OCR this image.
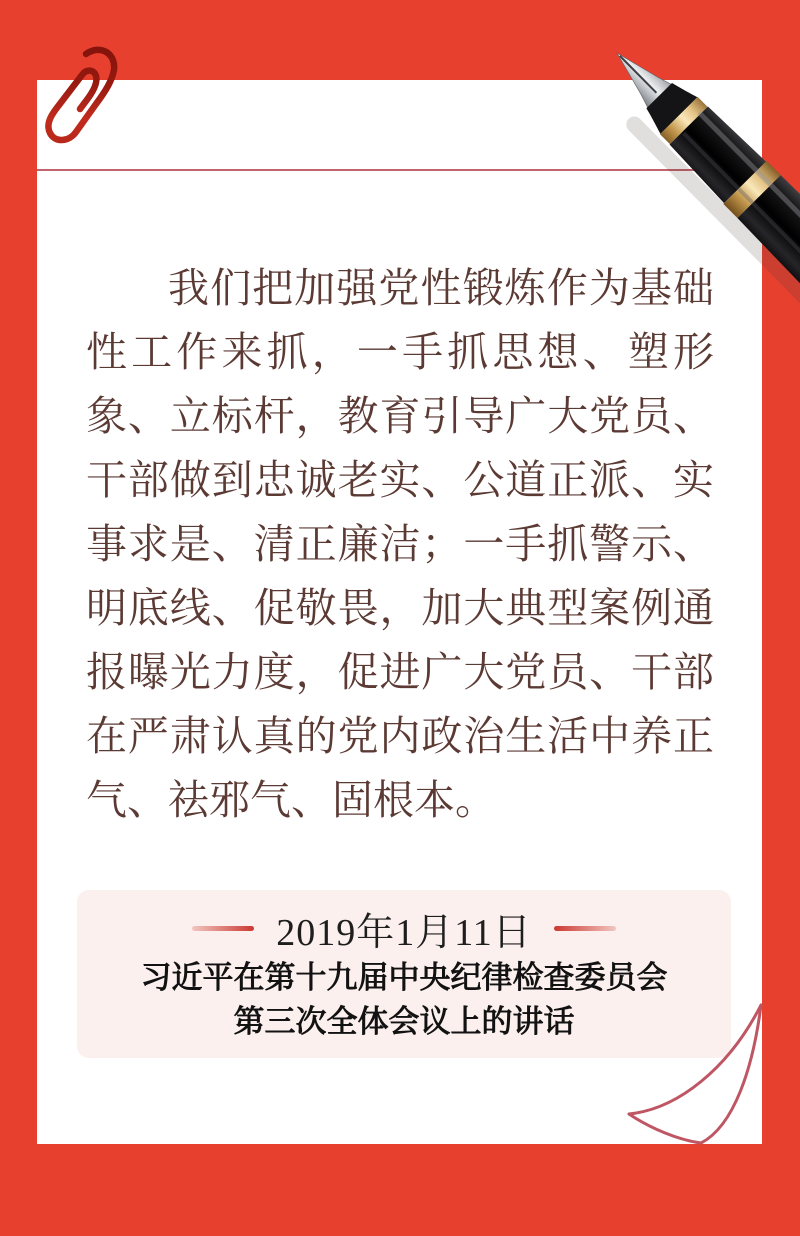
我们把加强党性锻炼作为基础
性工作来抓，一手抓思想、塑形
象、立标杆，教育引导广大党员、
干部做到忠诚老实、公道正派、实
事求是、清正廉洁；一手抓警示、
明底线、促敬畏，加大典型案例通
报曝光力度，促进广大党员、干部
在严肃认真的党内政治生活中养正
气、祛邪气、固根本。
2019年1月11日
习近平在第十九届中央纪律检查委员会
第三次全体会议上的讲话
